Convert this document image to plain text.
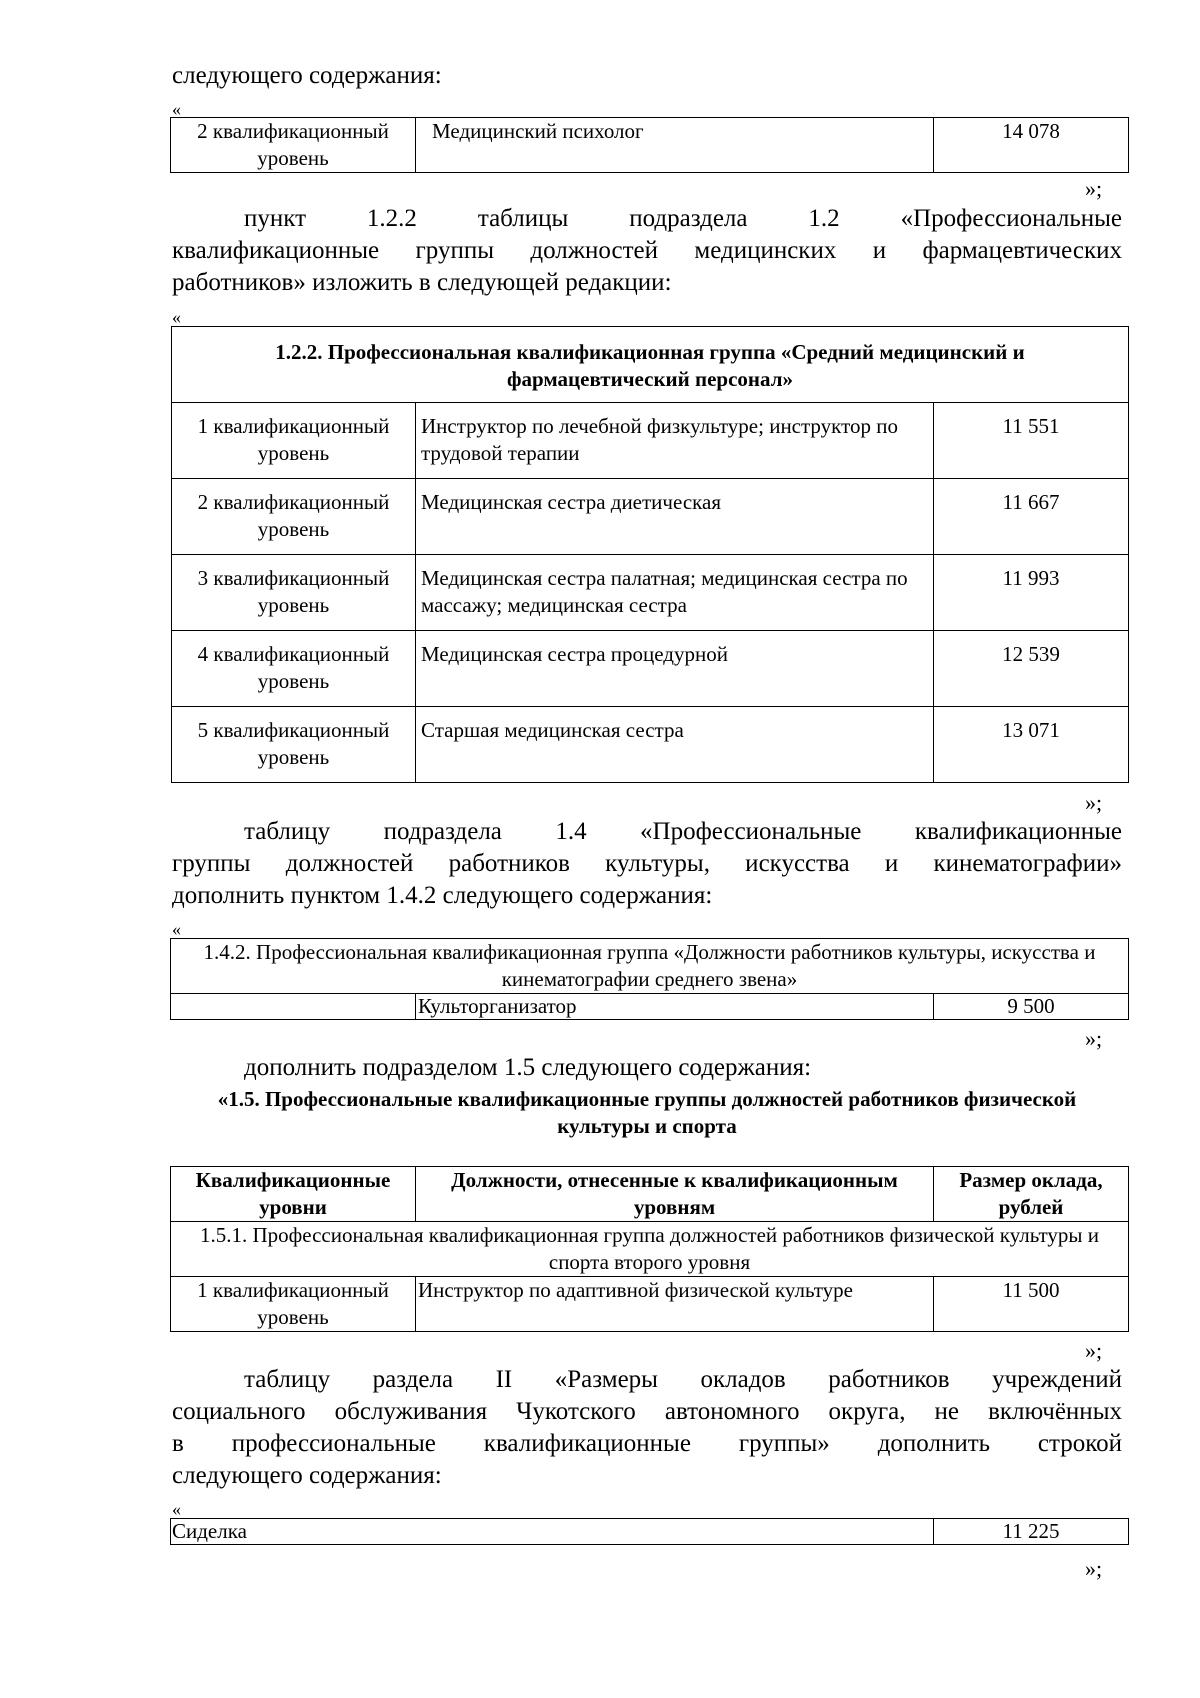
следующего содержания:

«
2 квалификационный уровень	Медицинский психолог	14 078
»;

пункт 1.2.2 таблицы подраздела 1.2 «Профессиональные

квалификационные группы должностей медицинских и фармацевтических

работников» изложить в следующей редакции:

«
1.2.2. Профессиональная квалификационная группа «Средний медицинский и фармацевтический персонал»		
1 квалификационный уровень	Инструктор по лечебной физкультуре; инструктор по трудовой терапии	11 551
2 квалификационный уровень	Медицинская сестра диетическая	11 667
3 квалификационный уровень	Медицинская сестра палатная; медицинская сестра по массажу; медицинская сестра	11 993
4 квалификационный уровень	Медицинская сестра процедурной	12 539
5 квалификационный уровень	Старшая медицинская сестра	13 071
»;

таблицу подраздела 1.4 «Профессиональные квалификационные

группы должностей работников культуры, искусства и кинематографии»

дополнить пунктом 1.4.2 следующего содержания:

«
1.4.2. Профессиональная квалификационная группа «Должности работников культуры, искусства и кинематографии среднего звена»
	Культорганизатор	9 500
»;

дополнить подразделом 1.5 следующего содержания:

«1.5. Профессиональные квалификационные группы должностей работников физической культуры и спорта
Квалификационные уровни	Должности, отнесенные к квалификационным уровням	Размер оклада, рублей
1.5.1. Профессиональная квалификационная группа должностей работников физической культуры и спорта второго уровня		
1 квалификационный уровень	Инструктор по адаптивной физической культуре	11 500
»;

таблицу раздела II «Размеры окладов работников учреждений

социального обслуживания Чукотского автономного округа, не включённых

в профессиональные квалификационные группы» дополнить строкой

следующего содержания:

«
Сиделка	11 225
»;
